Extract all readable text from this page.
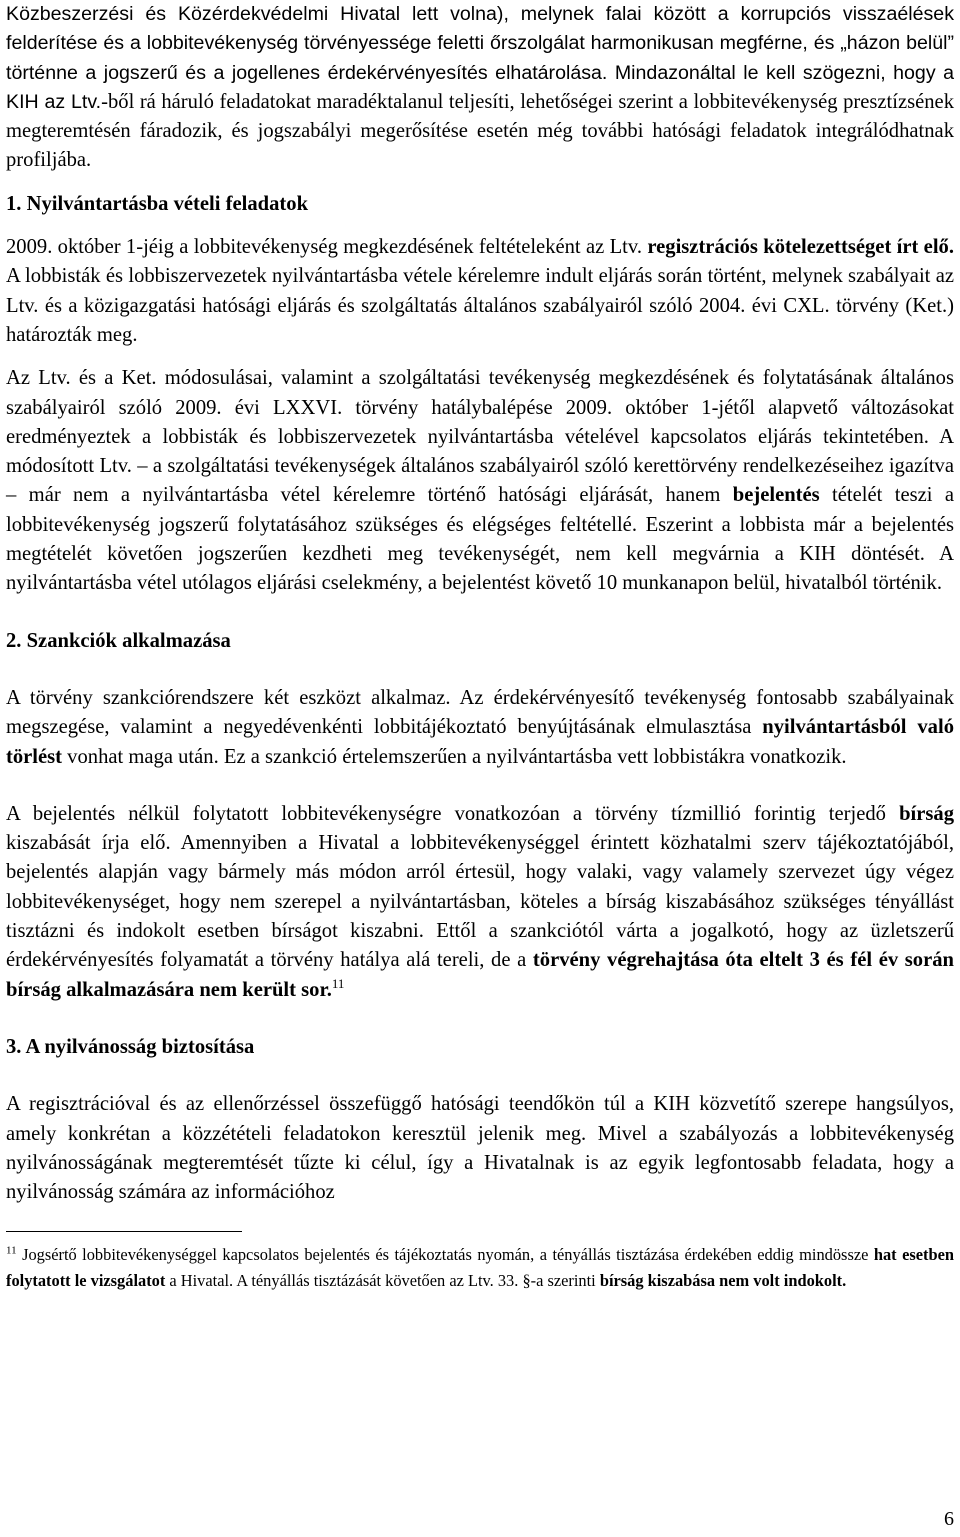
Közbeszerzési és Közérdekvédelmi Hivatal lett volna), melynek falai között a korrupciós visszaélések felderítése és a lobbitevékenység törvényessége feletti őrszolgálat harmonikusan megférne, és „házon belül” történne a jogszerű és a jogellenes érdekérvényesítés elhatárolása. Mindazonáltal le kell szögezni, hogy a KIH az Ltv.-ből rá háruló feladatokat maradéktalanul teljesíti, lehetőségei szerint a lobbitevékenység presztízsének megteremtésén fáradozik, és jogszabályi megerősítése esetén még további hatósági feladatok integrálódhatnak profiljába.

1. Nyilvántartásba vételi feladatok

2009. október 1-jéig a lobbitevékenység megkezdésének feltételeként az Ltv. regisztrációs kötelezettséget írt elő. A lobbisták és lobbiszervezetek nyilvántartásba vétele kérelemre indult eljárás során történt, melynek szabályait az Ltv. és a közigazgatási hatósági eljárás és szolgáltatás általános szabályairól szóló 2004. évi CXL. törvény (Ket.) határozták meg.

Az Ltv. és a Ket. módosulásai, valamint a szolgáltatási tevékenység megkezdésének és folytatásának általános szabályairól szóló 2009. évi LXXVI. törvény hatálybalépése 2009. október 1-jétől alapvető változásokat eredményeztek a lobbisták és lobbiszervezetek nyilvántartásba vételével kapcsolatos eljárás tekintetében. A módosított Ltv. – a szolgáltatási tevékenységek általános szabályairól szóló kerettörvény rendelkezéseihez igazítva – már nem a nyilvántartásba vétel kérelemre történő hatósági eljárását, hanem bejelentés tételét teszi a lobbitevékenység jogszerű folytatásához szükséges és elégséges feltétellé. Eszerint a lobbista már a bejelentés megtételét követően jogszerűen kezdheti meg tevékenységét, nem kell megvárnia a KIH döntését. A nyilvántartásba vétel utólagos eljárási cselekmény, a bejelentést követő 10 munkanapon belül, hivatalból történik.

2. Szankciók alkalmazása

A törvény szankciórendszere két eszközt alkalmaz. Az érdekérvényesítő tevékenység fontosabb szabályainak megszegése, valamint a negyedévenkénti lobbitájékoztató benyújtásának elmulasztása nyilvántartásból való törlést vonhat maga után. Ez a szankció értelemszerűen a nyilvántartásba vett lobbistákra vonatkozik.

A bejelentés nélkül folytatott lobbitevékenységre vonatkozóan a törvény tízmillió forintig terjedő bírság kiszabását írja elő. Amennyiben a Hivatal a lobbitevékenységgel érintett közhatalmi szerv tájékoztatójából, bejelentés alapján vagy bármely más módon arról értesül, hogy valaki, vagy valamely szervezet úgy végez lobbitevékenységet, hogy nem szerepel a nyilvántartásban, köteles a bírság kiszabásához szükséges tényállást tisztázni és indokolt esetben bírságot kiszabni. Ettől a szankciótól várta a jogalkotó, hogy az üzletszerű érdekérvényesítés folyamatát a törvény hatálya alá tereli, de a törvény végrehajtása óta eltelt 3 és fél év során bírság alkalmazására nem került sor.$^{11}$

3. A nyilvánosság biztosítása

A regisztrációval és az ellenőrzéssel összefüggő hatósági teendőkön túl a KIH közvetítő szerepe hangsúlyos, amely konkrétan a közzétételi feladatokon keresztül jelenik meg. Mivel a szabályozás a lobbitevékenység nyilvánosságának megteremtését tűzte ki célul, így a Hivatalnak is az egyik legfontosabb feladata, hogy a nyilvánosság számára az információhoz

$^{11}$ Jogsértő lobbitevékenységgel kapcsolatos bejelentés és tájékoztatás nyomán, a tényállás tisztázása érdekében eddig mindössze hat esetben folytatott le vizsgálatot a Hivatal. A tényállás tisztázását követően az Ltv. 33. §-a szerinti bírság kiszabása nem volt indokolt.

6
